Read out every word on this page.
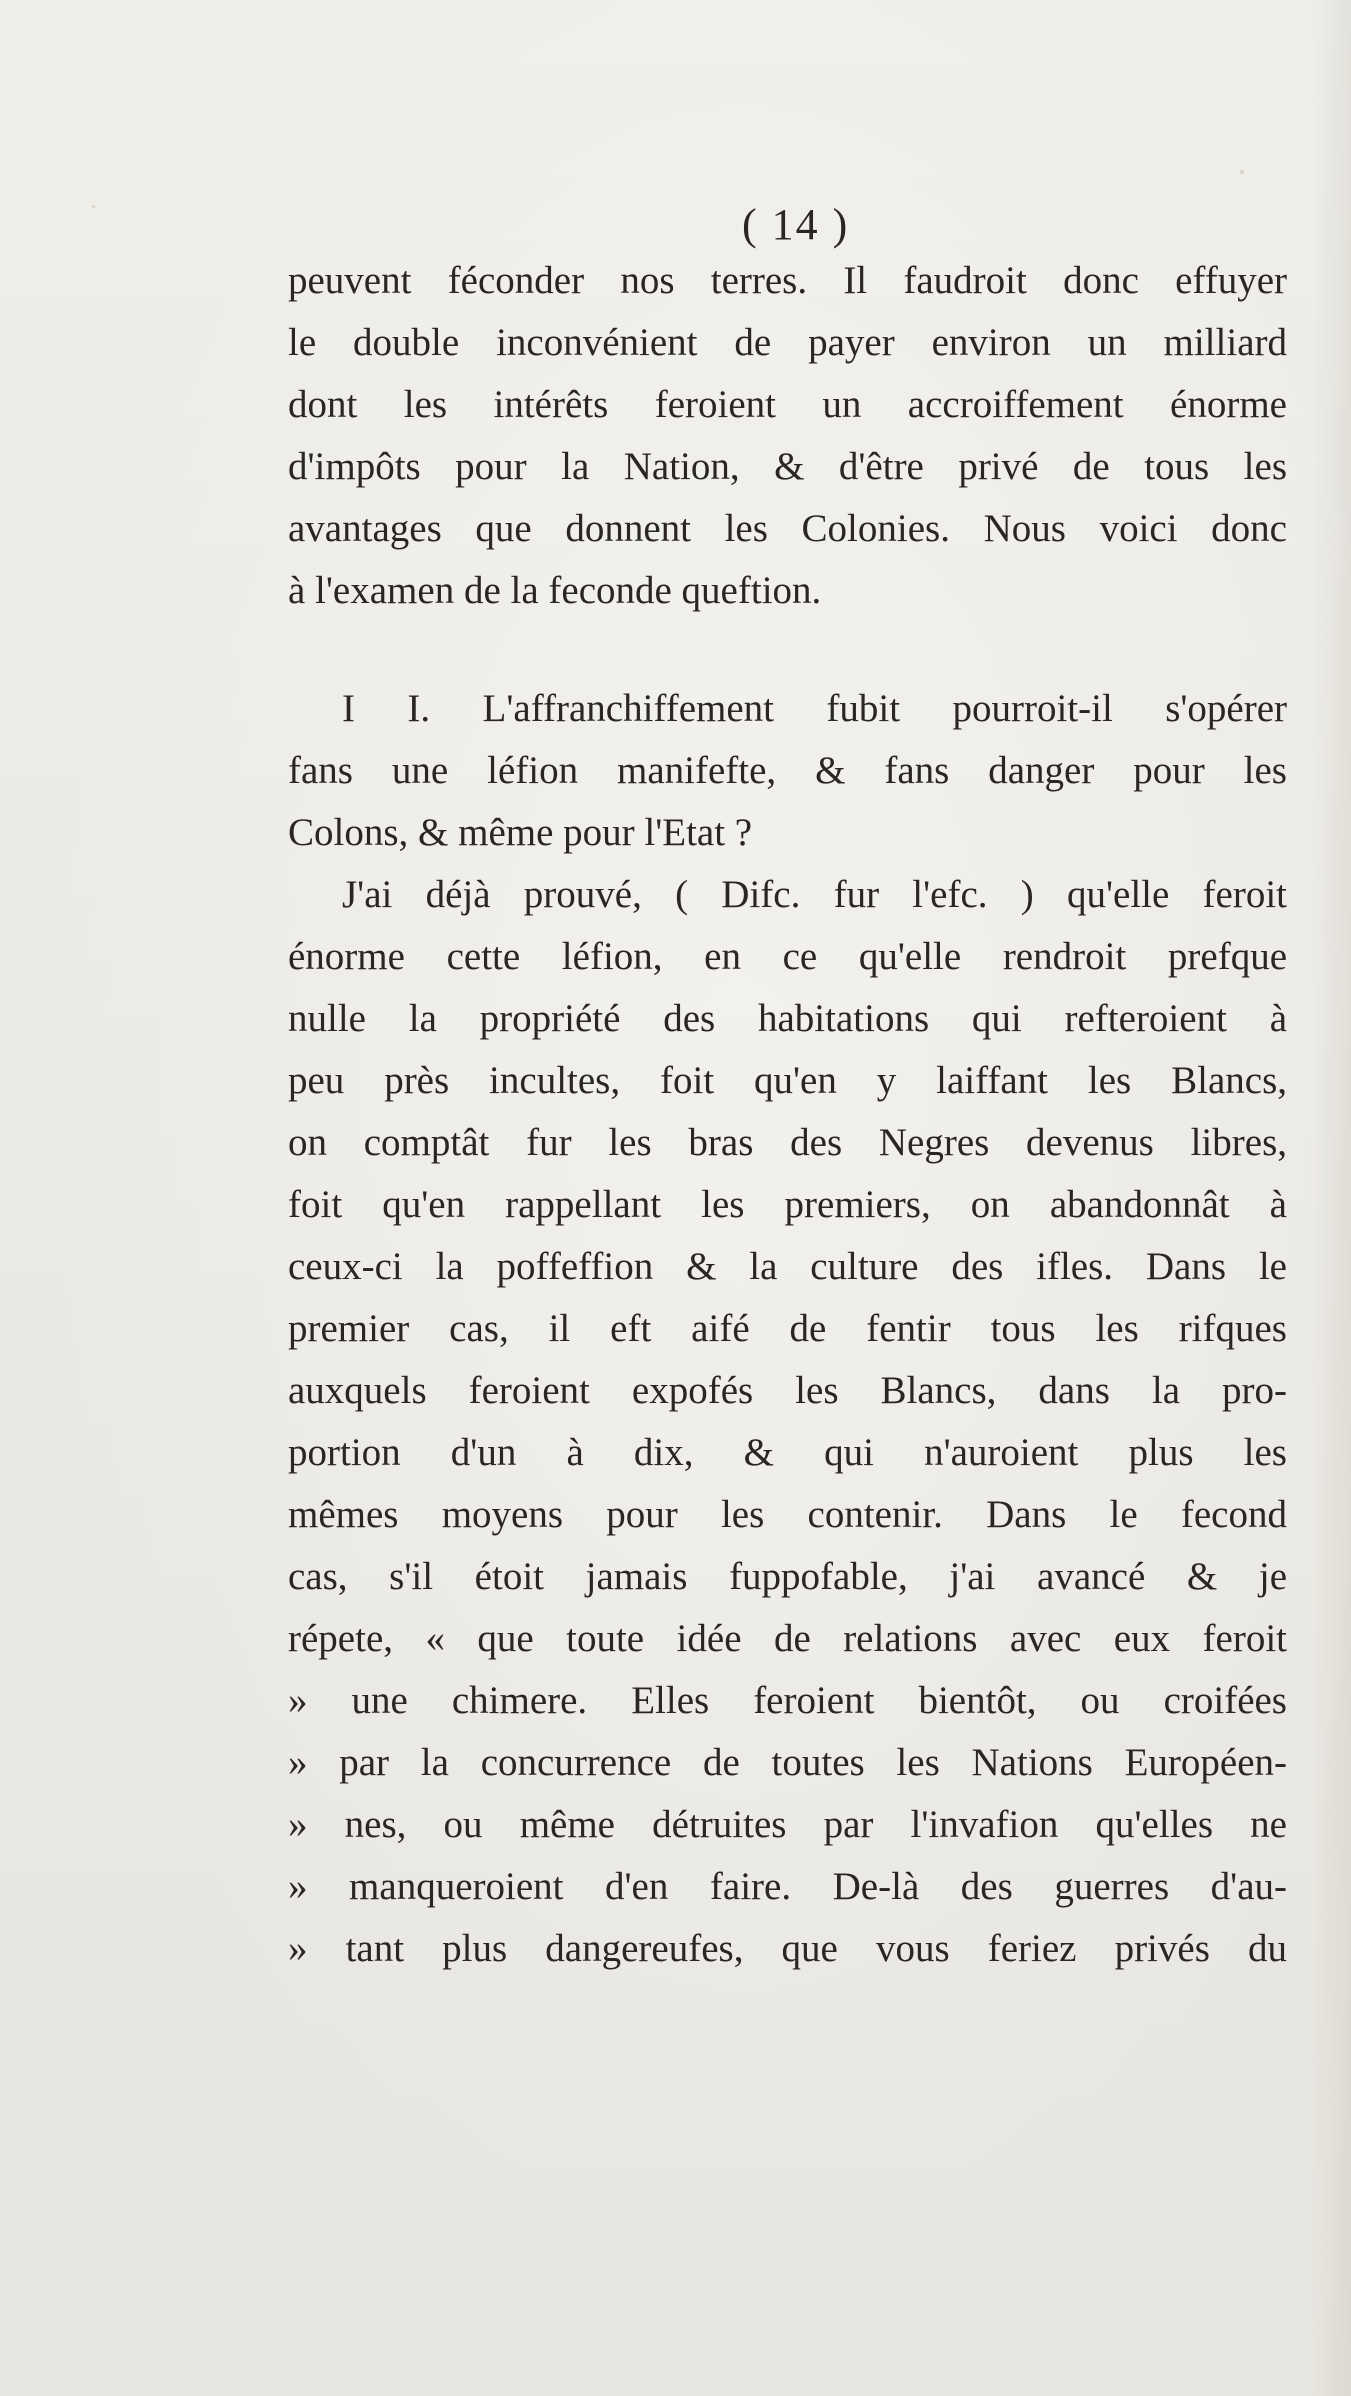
( 14 )
peuvent féconder nos terres. Il faudroit donc effuyer
le double inconvénient de payer environ un milliard
dont les intérêts feroient un accroiffement énorme
d'impôts pour la Nation, & d'être privé de tous les
avantages que donnent les Colonies. Nous voici donc
à l'examen de la feconde queftion.
I I. L'affranchiffement fubit pourroit-il s'opérer
fans une léfion manifefte, & fans danger pour les
Colons, & même pour l'Etat ?
J'ai déjà prouvé, ( Difc. fur l'efc. ) qu'elle feroit
énorme cette léfion, en ce qu'elle rendroit prefque
nulle la propriété des habitations qui refteroient à
peu près incultes, foit qu'en y laiffant les Blancs,
on comptât fur les bras des Negres devenus libres,
foit qu'en rappellant les premiers, on abandonnât à
ceux-ci la poffeffion & la culture des ifles. Dans le
premier cas, il eft aifé de fentir tous les rifques
auxquels feroient expofés les Blancs, dans la pro-
portion d'un à dix, & qui n'auroient plus les
mêmes moyens pour les contenir. Dans le fecond
cas, s'il étoit jamais fuppofable, j'ai avancé & je
répete, « que toute idée de relations avec eux feroit
» une chimere. Elles feroient bientôt, ou croifées
» par la concurrence de toutes les Nations Européen-
» nes, ou même détruites par l'invafion qu'elles ne
» manqueroient d'en faire. De-là des guerres d'au-
» tant plus dangereufes, que vous feriez privés du
